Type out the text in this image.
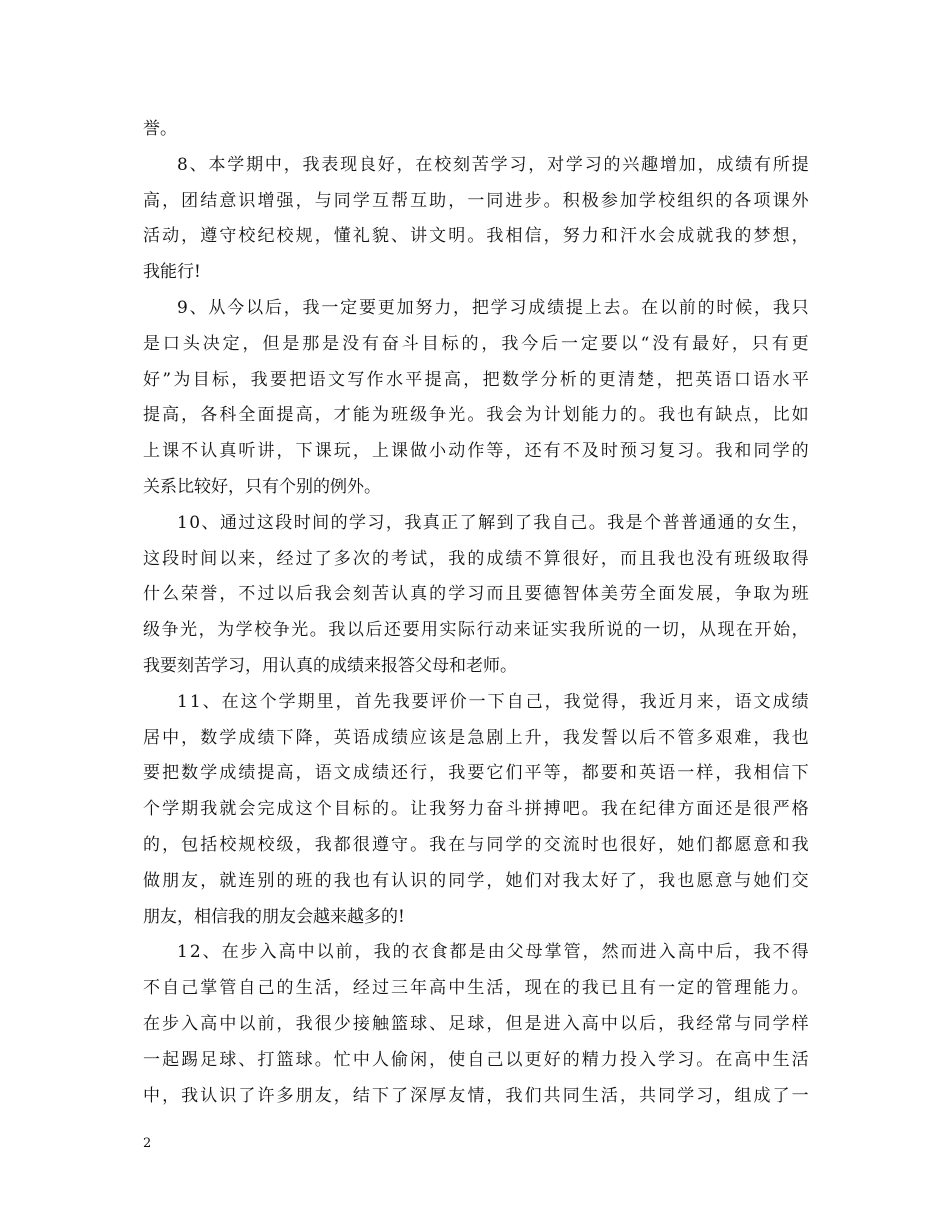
誉。
8 、 本 学 期 中 ， 我 表 现 良 好 ， 在 校 刻 苦 学 习 ， 对 学 习 的 兴 趣 增 加 ， 成 绩 有 所 提
高 ， 团 结 意 识 增 强 ， 与 同 学 互 帮 互 助 ， 一 同 进 步 。 积 极 参 加 学 校 组 织 的 各 项 课 外
活 动 ， 遵 守 校 纪 校 规 ， 懂 礼 貌 、 讲 文 明 。 我 相 信 ， 努 力 和 汗 水 会 成 就 我 的 梦 想 ，
我能行!
9 、 从 今 以 后 ， 我 一 定 要 更 加 努 力 ， 把 学 习 成 绩 提 上 去 。 在 以 前 的 时 候 ， 我 只
是 口 头 决 定 ， 但 是 那 是 没 有 奋 斗 目 标 的 ， 我 今 后 一 定 要 以 “ 没 有 最 好 ， 只 有 更
好 ” 为 目 标 ， 我 要 把 语 文 写 作 水 平 提 高 ， 把 数 学 分 析 的 更 清 楚 ， 把 英 语 口 语 水 平
提 高 ， 各 科 全 面 提 高 ， 才 能 为 班 级 争 光 。 我 会 为 计 划 能 力 的 。 我 也 有 缺 点 ， 比 如
上 课 不 认 真 听 讲 ， 下 课 玩 ， 上 课 做 小 动 作 等 ， 还 有 不 及 时 预 习 复 习 。 我 和 同 学 的
关系比较好，只有个别的例外。
1 0 、 通 过 这 段 时 间 的 学 习 ， 我 真 正 了 解 到 了 我 自 己 。 我 是 个 普 普 通 通 的 女 生 ，
这 段 时 间 以 来 ， 经 过 了 多 次 的 考 试 ， 我 的 成 绩 不 算 很 好 ， 而 且 我 也 没 有 班 级 取 得
什 么 荣 誉 ， 不 过 以 后 我 会 刻 苦 认 真 的 学 习 而 且 要 德 智 体 美 劳 全 面 发 展 ， 争 取 为 班
级 争 光 ， 为 学 校 争 光 。 我 以 后 还 要 用 实 际 行 动 来 证 实 我 所 说 的 一 切 ， 从 现 在 开 始 ，
我要刻苦学习，用认真的成绩来报答父母和老师。
1 1 、 在 这 个 学 期 里 ， 首 先 我 要 评 价 一 下 自 己 ， 我 觉 得 ， 我 近 月 来 ， 语 文 成 绩
居 中 ， 数 学 成 绩 下 降 ， 英 语 成 绩 应 该 是 急 剧 上 升 ， 我 发 誓 以 后 不 管 多 艰 难 ， 我 也
要 把 数 学 成 绩 提 高 ， 语 文 成 绩 还 行 ， 我 要 它 们 平 等 ， 都 要 和 英 语 一 样 ， 我 相 信 下
个 学 期 我 就 会 完 成 这 个 目 标 的 。 让 我 努 力 奋 斗 拼 搏 吧 。 我 在 纪 律 方 面 还 是 很 严 格
的 ， 包 括 校 规 校 级 ， 我 都 很 遵 守 。 我 在 与 同 学 的 交 流 时 也 很 好 ， 她 们 都 愿 意 和 我
做 朋 友 ， 就 连 别 的 班 的 我 也 有 认 识 的 同 学 ， 她 们 对 我 太 好 了 ， 我 也 愿 意 与 她 们 交
朋友，相信我的朋友会越来越多的!
1 2 、 在 步 入 高 中 以 前 ， 我 的 衣 食 都 是 由 父 母 掌 管 ， 然 而 进 入 高 中 后 ， 我 不 得
不 自 己 掌 管 自 己 的 生 活 ， 经 过 三 年 高 中 生 活 ， 现 在 的 我 已 且 有 一 定 的 管 理 能 力 。
在 步 入 高 中 以 前 ， 我 很 少 接 触 篮 球 、 足 球 ， 但 是 进 入 高 中 以 后 ， 我 经 常 与 同 学 样
一 起 踢 足 球 、 打 篮 球 。 忙 中 人 偷 闲 ， 使 自 己 以 更 好 的 精 力 投 入 学 习 。 在 高 中 生 活
中 ， 我 认 识 了 许 多 朋 友 ， 结 下 了 深 厚 友 情 ， 我 们 共 同 生 活 ， 共 同 学 习 ， 组 成 了 一
2
